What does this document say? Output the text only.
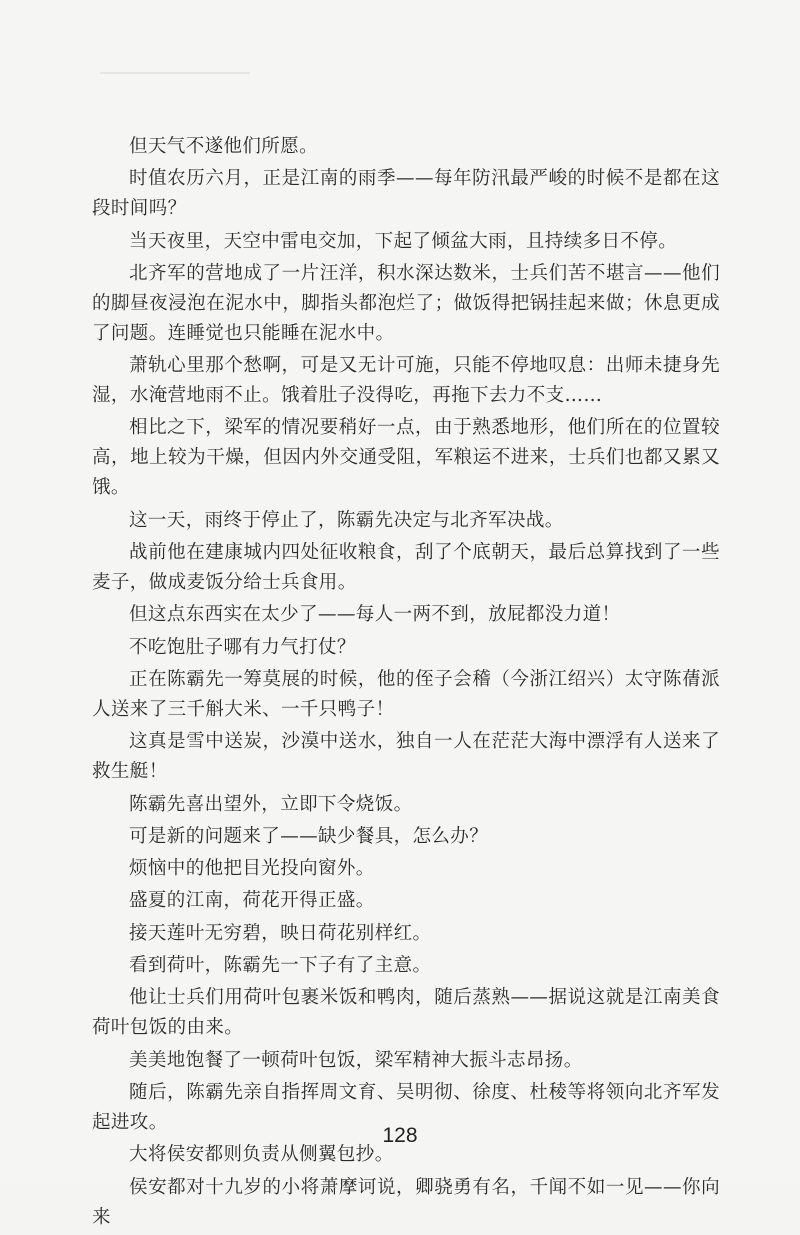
但天气不遂他们所愿。

时值农历六月，正是江南的雨季——每年防汛最严峻的时候不是都在这段时间吗？

当天夜里，天空中雷电交加，下起了倾盆大雨，且持续多日不停。

北齐军的营地成了一片汪洋，积水深达数米，士兵们苦不堪言——他们的脚昼夜浸泡在泥水中，脚指头都泡烂了；做饭得把锅挂起来做；休息更成了问题。连睡觉也只能睡在泥水中。

萧轨心里那个愁啊，可是又无计可施，只能不停地叹息：出师未捷身先湿，水淹营地雨不止。饿着肚子没得吃，再拖下去力不支……

相比之下，梁军的情况要稍好一点，由于熟悉地形，他们所在的位置较高，地上较为干燥，但因内外交通受阻，军粮运不进来，士兵们也都又累又饿。

这一天，雨终于停止了，陈霸先决定与北齐军决战。

战前他在建康城内四处征收粮食，刮了个底朝天，最后总算找到了一些麦子，做成麦饭分给士兵食用。

但这点东西实在太少了——每人一两不到，放屁都没力道！

不吃饱肚子哪有力气打仗？

正在陈霸先一筹莫展的时候，他的侄子会稽（今浙江绍兴）太守陈蒨派人送来了三千斛大米、一千只鸭子！

这真是雪中送炭，沙漠中送水，独自一人在茫茫大海中漂浮有人送来了救生艇！

陈霸先喜出望外，立即下令烧饭。

可是新的问题来了——缺少餐具，怎么办？

烦恼中的他把目光投向窗外。

盛夏的江南，荷花开得正盛。

接天莲叶无穷碧，映日荷花别样红。

看到荷叶，陈霸先一下子有了主意。

他让士兵们用荷叶包裹米饭和鸭肉，随后蒸熟——据说这就是江南美食荷叶包饭的由来。

美美地饱餐了一顿荷叶包饭，梁军精神大振斗志昂扬。

随后，陈霸先亲自指挥周文育、吴明彻、徐度、杜稜等将领向北齐军发起进攻。

大将侯安都则负责从侧翼包抄。

侯安都对十九岁的小将萧摩诃说，卿骁勇有名，千闻不如一见——你向来

128
